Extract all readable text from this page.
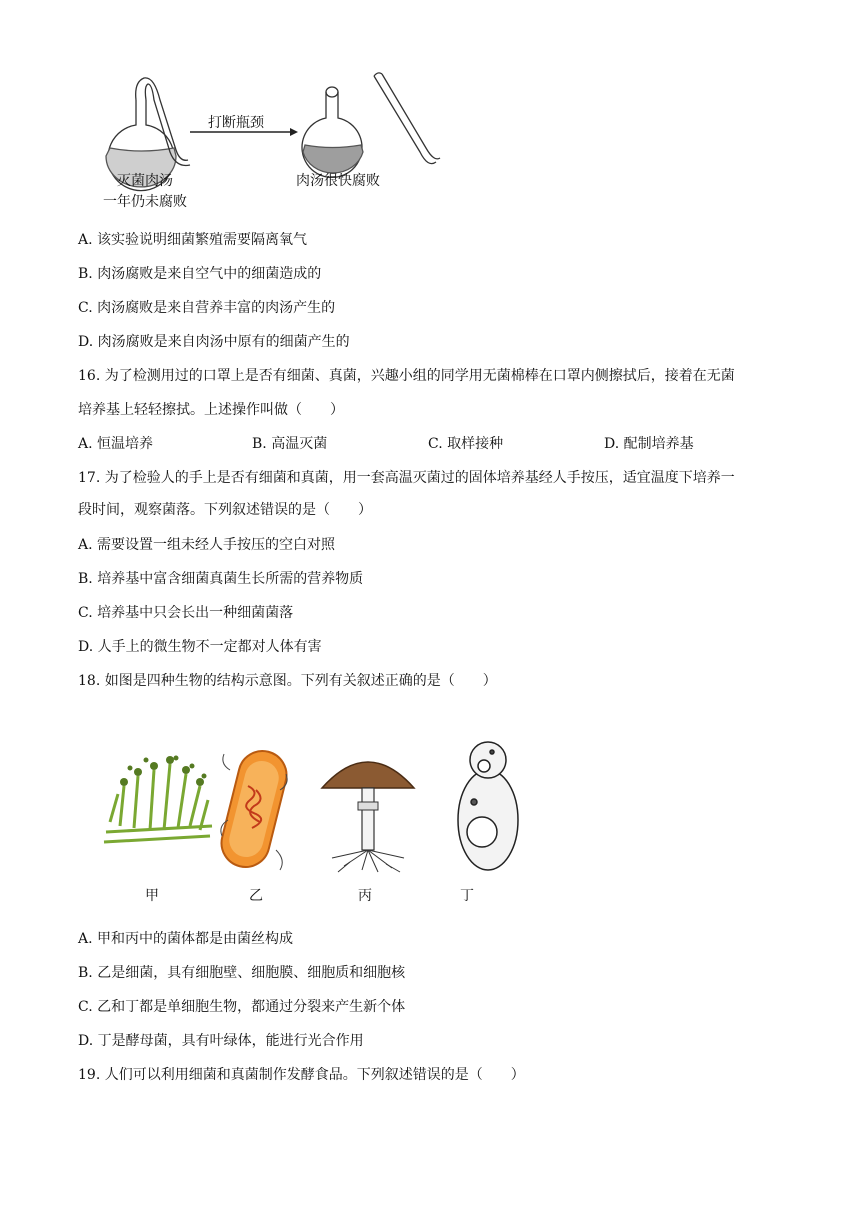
打断瓶颈
灭菌肉汤
一年仍未腐败
肉汤很快腐败
A. 该实验说明细菌繁殖需要隔离氧气
B. 肉汤腐败是来自空气中的细菌造成的
C. 肉汤腐败是来自营养丰富的肉汤产生的
D. 肉汤腐败是来自肉汤中原有的细菌产生的
16. 为了检测用过的口罩上是否有细菌、真菌，兴趣小组的同学用无菌棉棒在口罩内侧擦拭后，接着在无菌
培养基上轻轻擦拭。上述操作叫做（　　）
A. 恒温培养	B. 高温灭菌	C. 取样接种	D. 配制培养基
17. 为了检验人的手上是否有细菌和真菌，用一套高温灭菌过的固体培养基经人手按压，适宜温度下培养一
段时间，观察菌落。下列叙述错误的是（　　）
A. 需要设置一组未经人手按压的空白对照
B. 培养基中富含细菌真菌生长所需的营养物质
C. 培养基中只会长出一种细菌菌落
D. 人手上的微生物不一定都对人体有害
18. 如图是四种生物的结构示意图。下列有关叙述正确的是（　　）
甲	乙	丙	丁
A. 甲和丙中的菌体都是由菌丝构成
B. 乙是细菌，具有细胞壁、细胞膜、细胞质和细胞核
C. 乙和丁都是单细胞生物，都通过分裂来产生新个体
D. 丁是酵母菌，具有叶绿体，能进行光合作用
19. 人们可以利用细菌和真菌制作发酵食品。下列叙述错误的是（　　）
